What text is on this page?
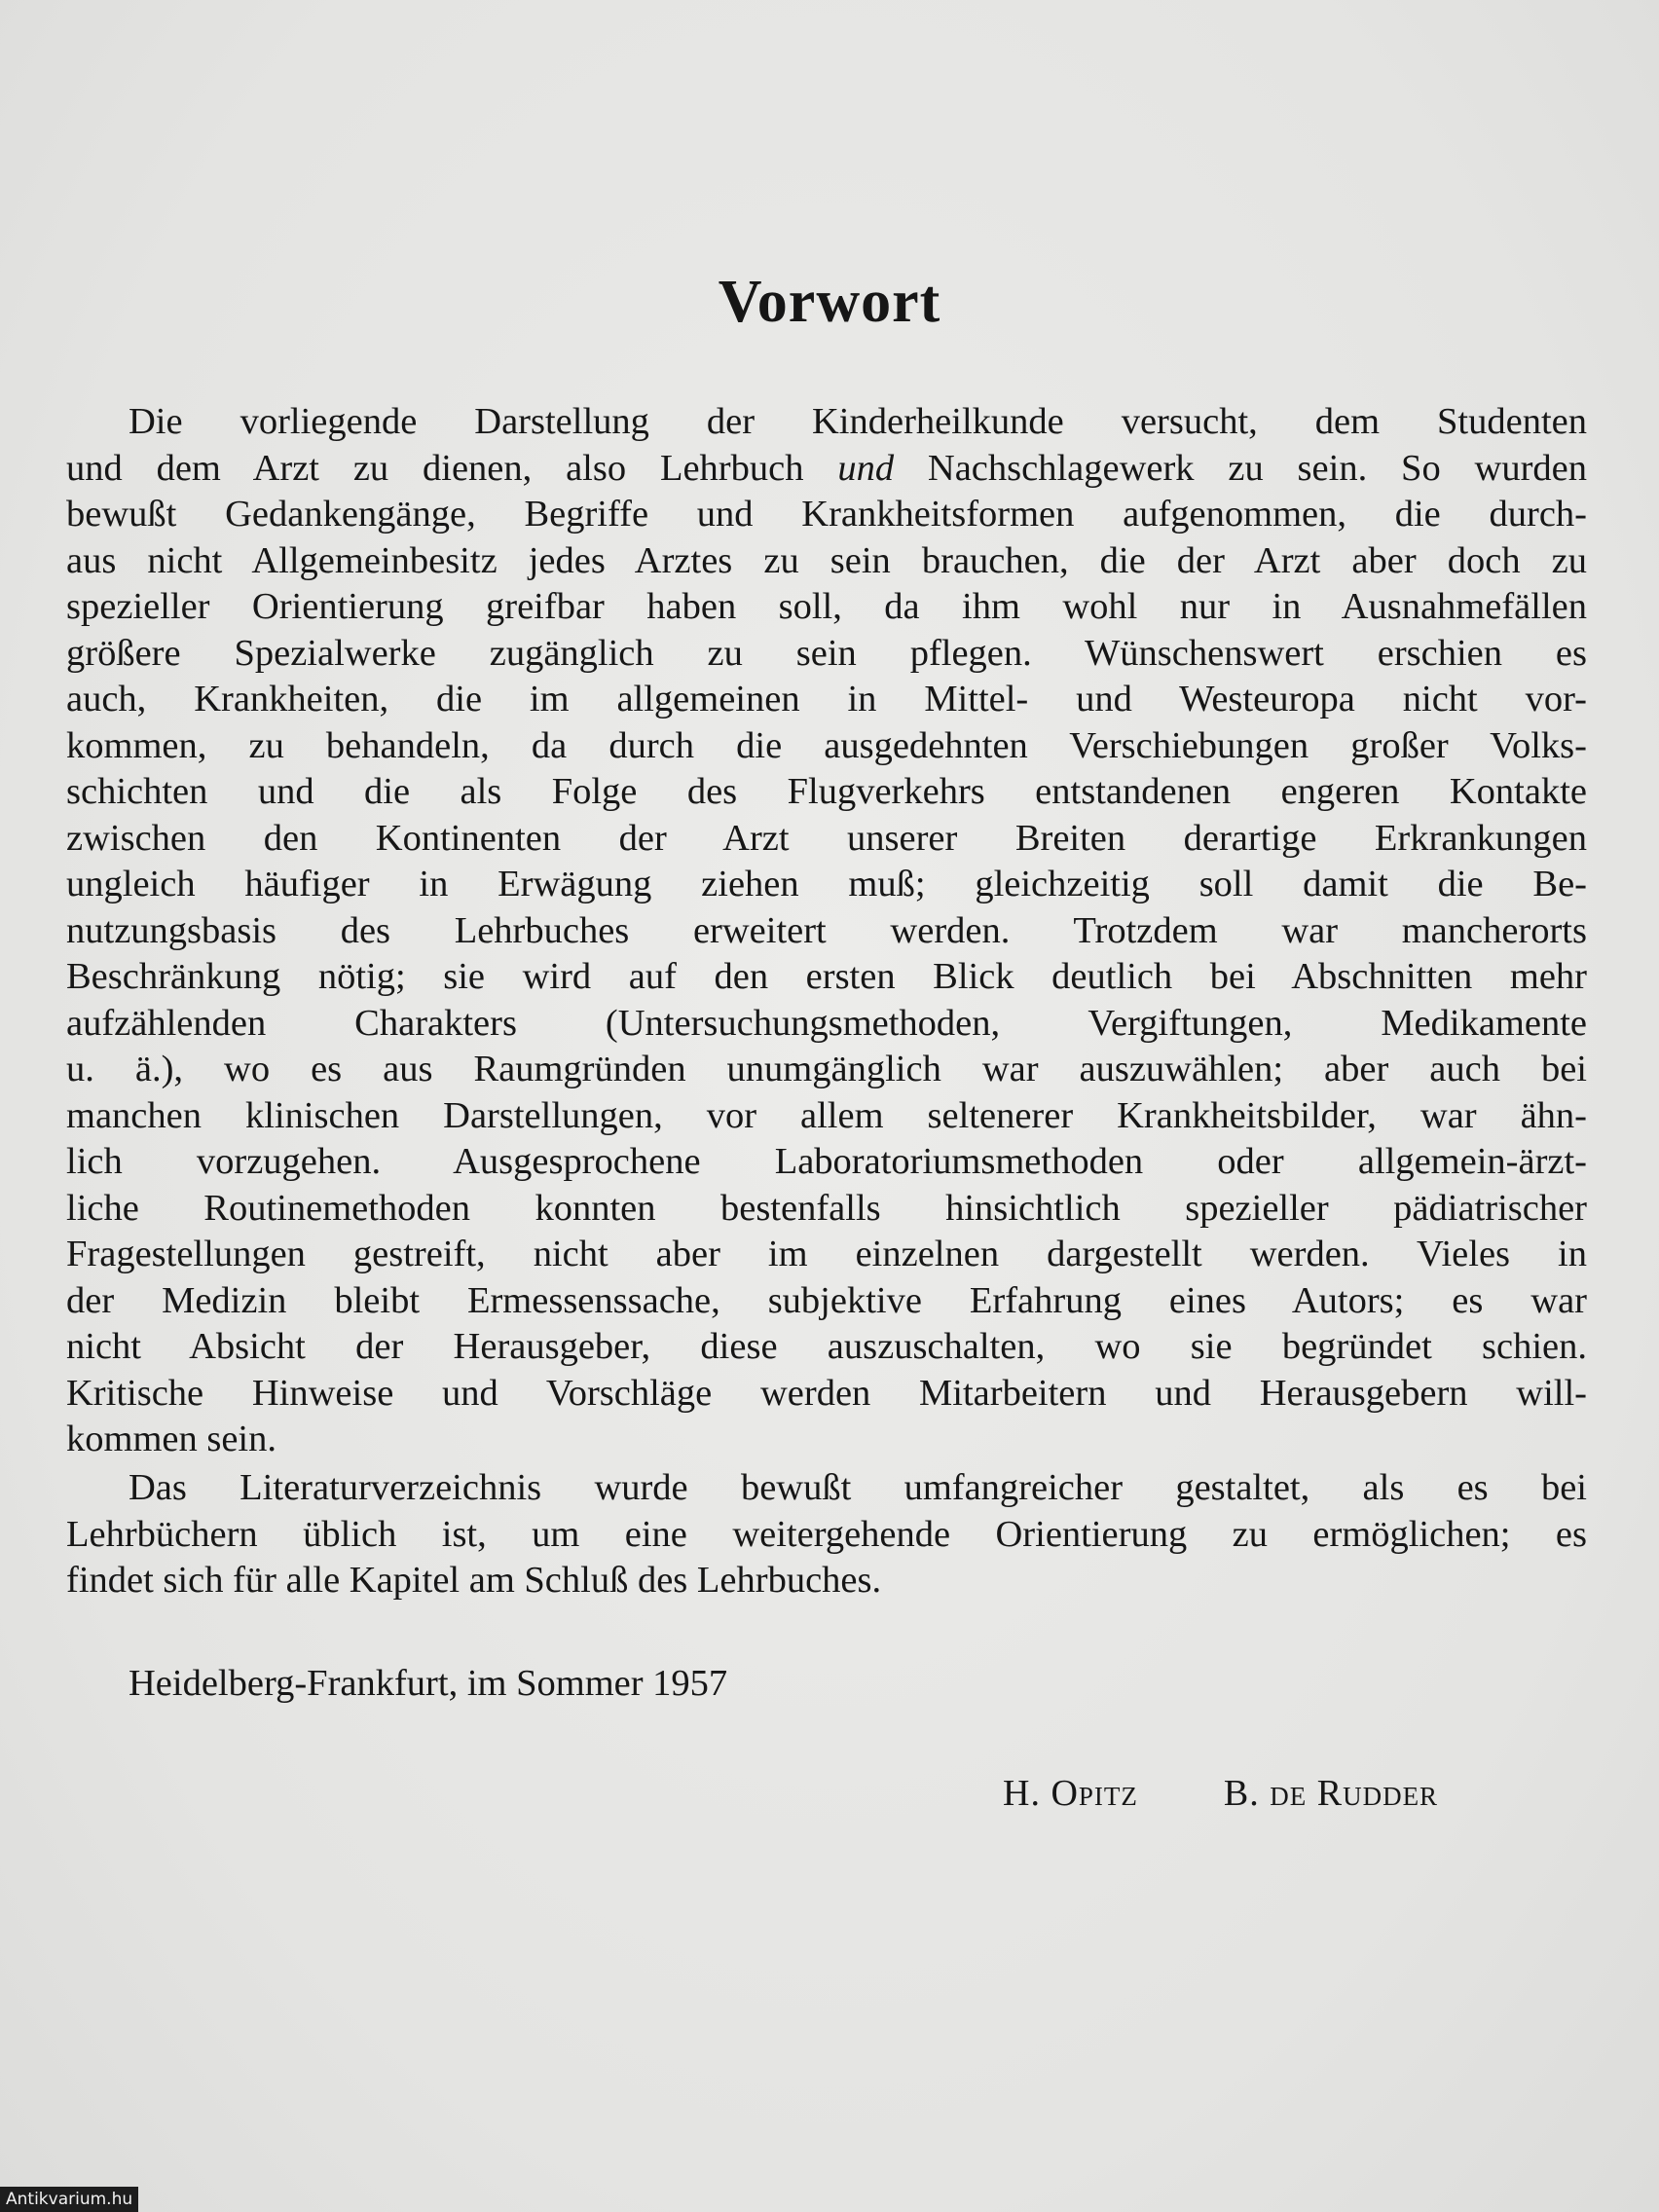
Vorwort
Die vorliegende Darstellung der Kinderheilkunde versucht, dem Studenten
und dem Arzt zu dienen, also Lehrbuch und Nachschlagewerk zu sein. So wurden
bewußt Gedankengänge, Begriffe und Krankheitsformen aufgenommen, die durch-
aus nicht Allgemeinbesitz jedes Arztes zu sein brauchen, die der Arzt aber doch zu
spezieller Orientierung greifbar haben soll, da ihm wohl nur in Ausnahmefällen
größere Spezialwerke zugänglich zu sein pflegen. Wünschenswert erschien es
auch, Krankheiten, die im allgemeinen in Mittel- und Westeuropa nicht vor-
kommen, zu behandeln, da durch die ausgedehnten Verschiebungen großer Volks-
schichten und die als Folge des Flugverkehrs entstandenen engeren Kontakte
zwischen den Kontinenten der Arzt unserer Breiten derartige Erkrankungen
ungleich häufiger in Erwägung ziehen muß; gleichzeitig soll damit die Be-
nutzungsbasis des Lehrbuches erweitert werden. Trotzdem war mancherorts
Beschränkung nötig; sie wird auf den ersten Blick deutlich bei Abschnitten mehr
aufzählenden Charakters (Untersuchungsmethoden, Vergiftungen, Medikamente
u. ä.), wo es aus Raumgründen unumgänglich war auszuwählen; aber auch bei
manchen klinischen Darstellungen, vor allem seltenerer Krankheitsbilder, war ähn-
lich vorzugehen. Ausgesprochene Laboratoriumsmethoden oder allgemein-ärzt-
liche Routinemethoden konnten bestenfalls hinsichtlich spezieller pädiatrischer
Fragestellungen gestreift, nicht aber im einzelnen dargestellt werden. Vieles in
der Medizin bleibt Ermessenssache, subjektive Erfahrung eines Autors; es war
nicht Absicht der Herausgeber, diese auszuschalten, wo sie begründet schien.
Kritische Hinweise und Vorschläge werden Mitarbeitern und Herausgebern will-
kommen sein.
Das Literaturverzeichnis wurde bewußt umfangreicher gestaltet, als es bei
Lehrbüchern üblich ist, um eine weitergehende Orientierung zu ermöglichen; es
findet sich für alle Kapitel am Schluß des Lehrbuches.
Heidelberg-Frankfurt, im Sommer 1957
H. Opitz B. de Rudder
Antikvarium.hu
